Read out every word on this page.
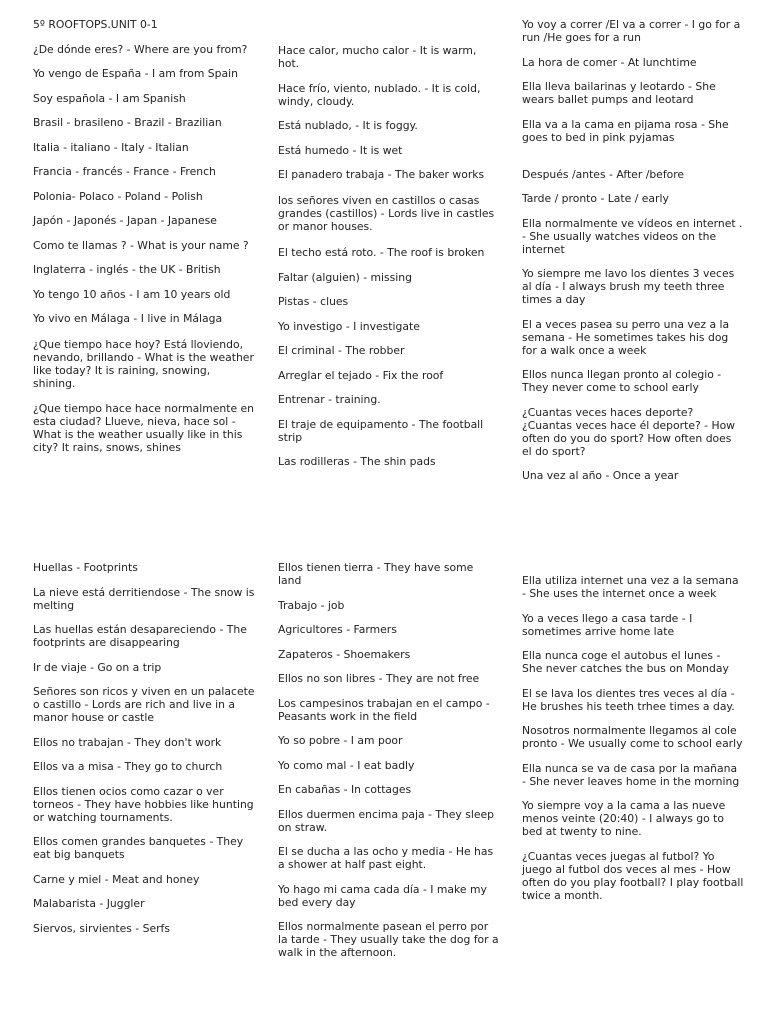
5º ROOFTOPS.UNIT 0-1
¿De dónde eres? - Where are you from?
Yo vengo de España - I am from Spain
Soy española - I am Spanish
Brasil - brasileno - Brazil - Brazilian
Italia - italiano - Italy - Italian
Francia - francés - France - French
Polonia- Polaco - Poland - Polish
Japón - Japonés - Japan - Japanese
Como te llamas ? - What is your name ?
Inglaterra - inglés - the UK - British
Yo tengo 10 años - I am 10 years old
Yo vivo en Málaga - I live in Málaga
¿Que tiempo hace hoy? Está lloviendo, nevando, brillando - What is the weather like today? It is raining, snowing, shining.
¿Que tiempo hace hace normalmente en esta ciudad? Llueve, nieva, hace sol - What is the weather usually like in this city? It rains, snows, shines
Hace calor, mucho calor - It is warm, hot.
Hace frío, viento, nublado. - It is cold, windy, cloudy.
Está nublado, - It is foggy.
Está humedo - It is wet
El panadero trabaja - The baker works
los señores viven en castillos o casas grandes (castillos) - Lords live in castles or manor houses.
El techo está roto. - The roof is broken
Faltar (alguien) - missing
Pistas - clues
Yo investigo - I investigate
El criminal - The robber
Arreglar el tejado - Fix the roof
Entrenar - training.
El traje de equipamento - The football strip
Las rodilleras - The shin pads
Yo voy a correr /El va a correr - I go for a run /He goes for a run
La hora de comer - At lunchtime
Ella lleva bailarinas y leotardo - She wears ballet pumps and leotard
Ella va a la cama en pijama rosa - She goes to bed in pink pyjamas
Después /antes - After /before
Tarde / pronto - Late / early
Ella normalmente ve vídeos en internet . - She usually watches videos on the internet
Yo siempre me lavo los dientes 3 veces al día - I always brush my teeth three times a day
El a veces pasea su perro una vez a la semana - He sometimes takes his dog for a walk once a week
Ellos nunca llegan pronto al colegio - They never come to school early
¿Cuantas veces haces deporte? ¿Cuantas veces hace él deporte? - How often do you do sport? How often does el do sport?
Una vez al año - Once a year
Huellas - Footprints
La nieve está derritiendose - The snow is melting
Las huellas están desapareciendo - The footprints are disappearing
Ir de viaje - Go on a trip
Señores son ricos y viven en un palacete o castillo - Lords are rich and live in a manor house or castle
Ellos no trabajan - They don't work
Ellos va a misa - They go to church
Ellos tienen ocios como cazar o ver torneos - They have hobbies like hunting or watching tournaments.
Ellos comen grandes banquetes - They eat big banquets
Carne y miel - Meat and honey
Malabarista - Juggler
Siervos, sirvientes - Serfs
Ellos tienen tierra - They have some land
Trabajo - job
Agricultores - Farmers
Zapateros - Shoemakers
Ellos no son libres - They are not free
Los campesinos trabajan en el campo - Peasants work in the field
Yo so pobre - I am poor
Yo como mal - I eat badly
En cabañas - In cottages
Ellos duermen encima paja - They sleep on straw.
El se ducha a las ocho y media - He has a shower at half past eight.
Yo hago mi cama cada día - I make my bed every day
Ellos normalmente pasean el perro por la tarde - They usually take the dog for a walk in the afternoon.
Ella utiliza internet una vez a la semana - She uses the internet once a week
Yo a veces llego a casa tarde - I sometimes arrive home late
Ella nunca coge el autobus el lunes - She never catches the bus on Monday
El se lava los dientes tres veces al día - He brushes his teeth trhee times a day.
Nosotros normalmente llegamos al cole pronto - We usually come to school early
Ella nunca se va de casa por la mañana - She never leaves home in the morning
Yo siempre voy a la cama a las nueve menos veinte (20:40) - I always go to bed at twenty to nine.
¿Cuantas veces juegas al futbol? Yo juego al futbol dos veces al mes - How often do you play football? I play football twice a month.
